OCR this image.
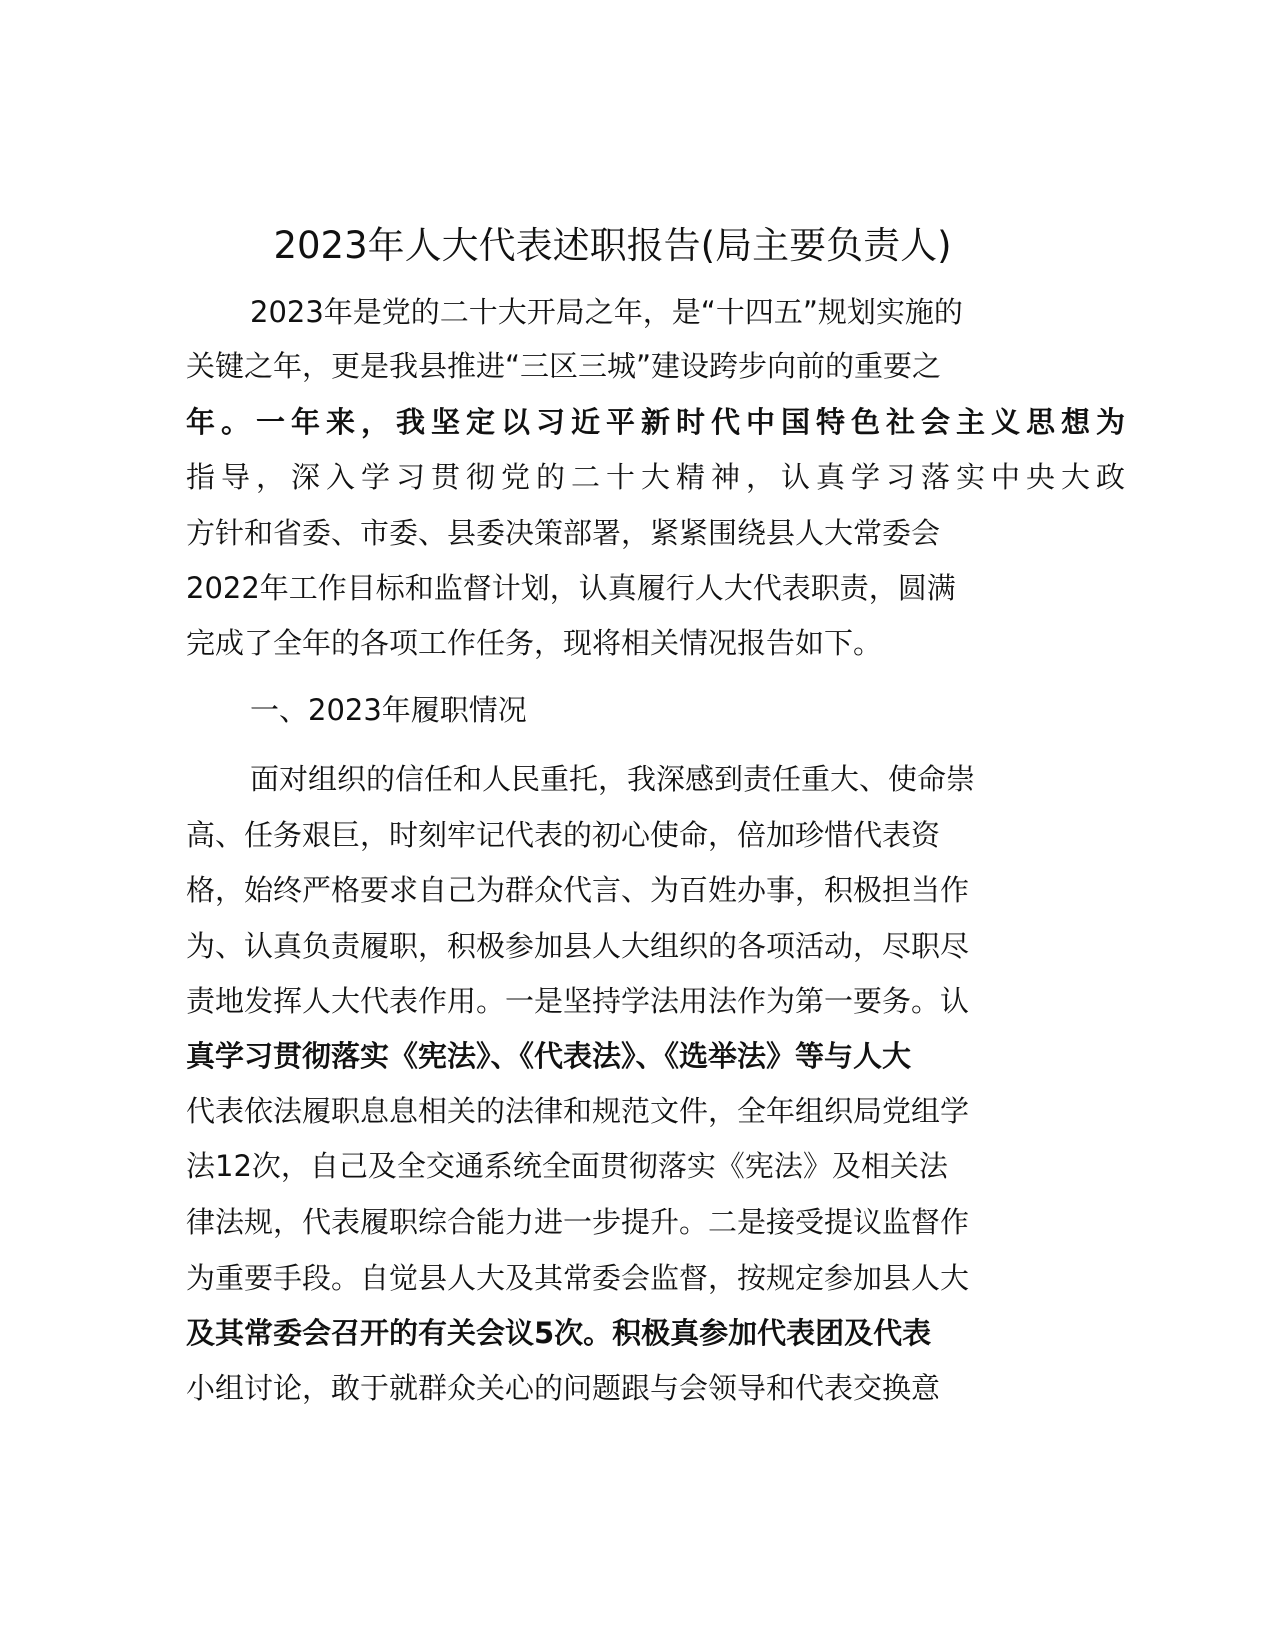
2023年人大代表述职报告(局主要负责人)
2023年是党的二十大开局之年，是“十四五”规划实施的
关键之年，更是我县推进“三区三城”建设跨步向前的重要之
年。一年来，我坚定以习近平新时代中国特色社会主义思想为
指导，深入学习贯彻党的二十大精神，认真学习落实中央大政
方针和省委、市委、县委决策部署，紧紧围绕县人大常委会
2022年工作目标和监督计划，认真履行人大代表职责，圆满
完成了全年的各项工作任务，现将相关情况报告如下。
一、2023年履职情况
面对组织的信任和人民重托，我深感到责任重大、使命崇
高、任务艰巨，时刻牢记代表的初心使命，倍加珍惜代表资
格，始终严格要求自己为群众代言、为百姓办事，积极担当作
为、认真负责履职，积极参加县人大组织的各项活动，尽职尽
责地发挥人大代表作用。一是坚持学法用法作为第一要务。认
真学习贯彻落实《宪法》、《代表法》、《选举法》等与人大
代表依法履职息息相关的法律和规范文件，全年组织局党组学
法12次，自己及全交通系统全面贯彻落实《宪法》及相关法
律法规，代表履职综合能力进一步提升。二是接受提议监督作
为重要手段。自觉县人大及其常委会监督，按规定参加县人大
及其常委会召开的有关会议5次。积极真参加代表团及代表
小组讨论，敢于就群众关心的问题跟与会领导和代表交换意
